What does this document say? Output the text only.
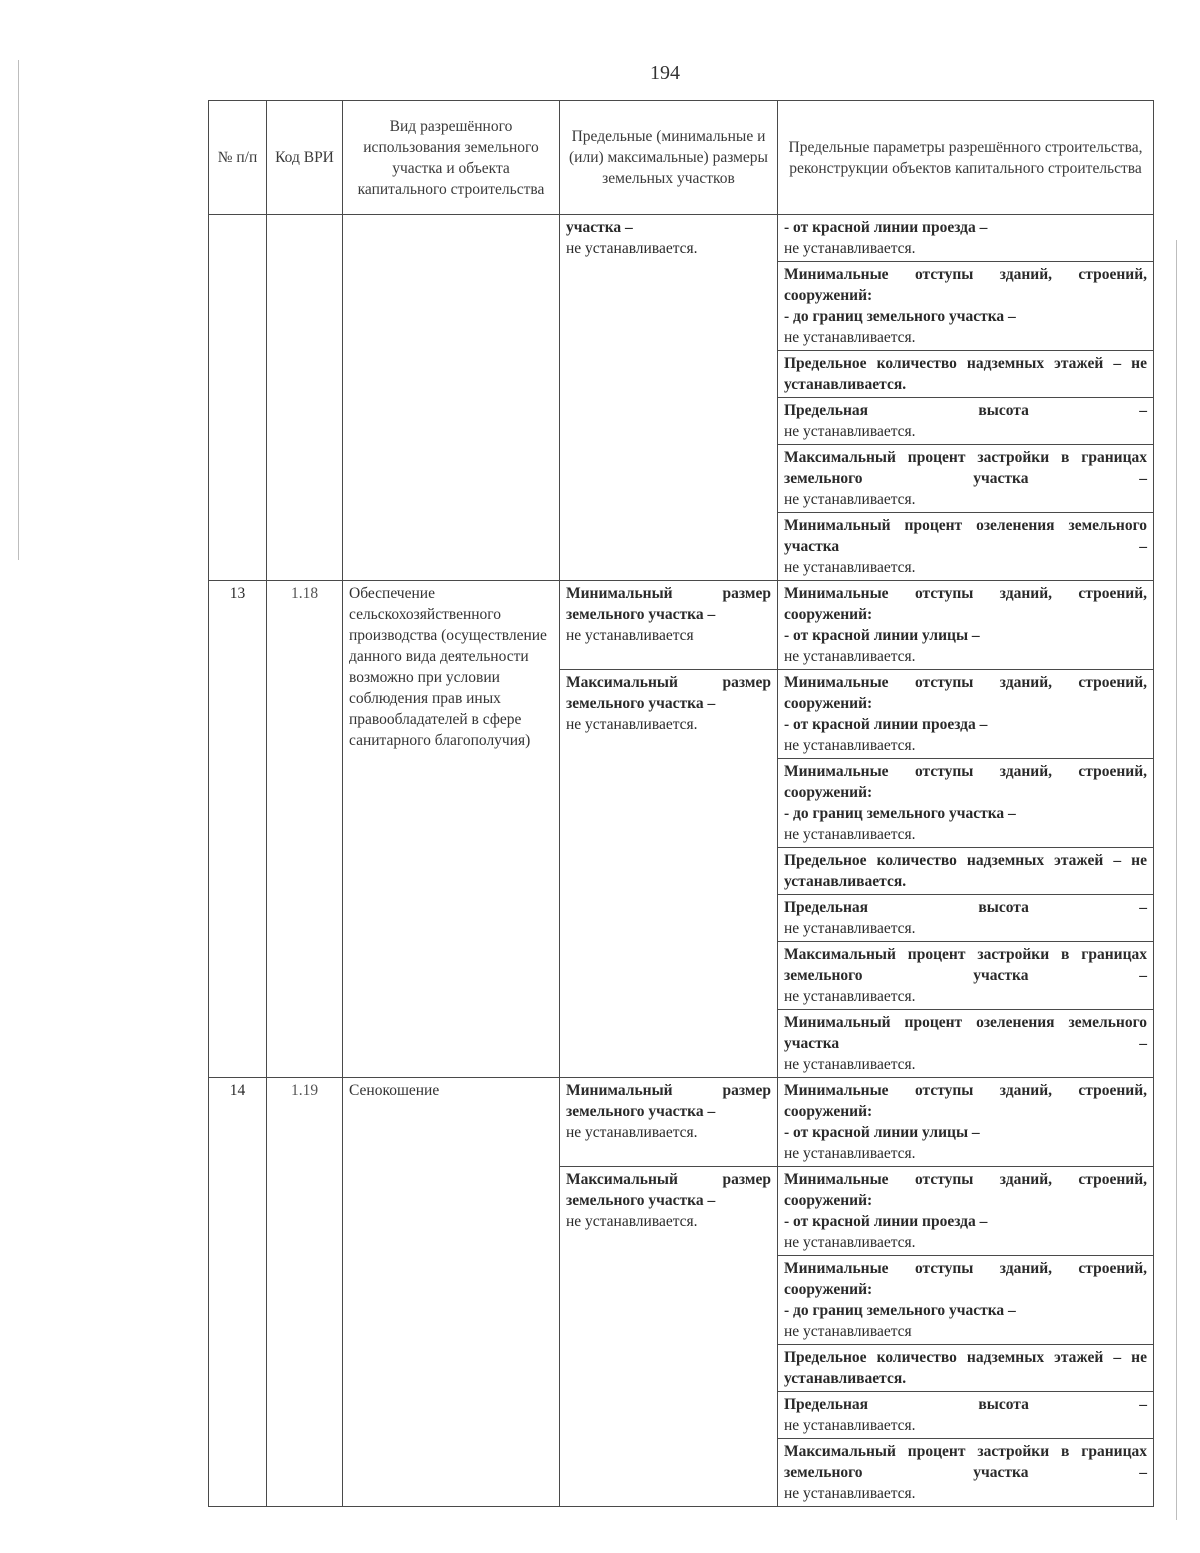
194
№ п/п	Код ВРИ	Вид разрешённого использования земельного участка и объекта капитального строительства	Предельные (минимальные и (или) максимальные) размеры земельных участков	Предельные параметры разрешённого строительства, реконструкции объектов капитального строительства
			участка –
не устанавливается.	- от красной линии проезда –
не устанавливается.

				Минимальные отступы зданий, строений, сооружений:
- до границ земельного участка –
не устанавливается.

				Предельное количество надземных этажей – не устанавливается.

				Предельная высота –
не устанавливается.

				Максимальный процент застройки в границах земельного участка –
не устанавливается.

				Минимальный процент озеленения земельного участка –
не устанавливается.

13	1.18	Обеспечение сельскохозяйственного производства (осуществление данного вида деятельности возможно при условии соблюдения прав иных правообладателей в сфере санитарного благополучия)	Минимальный размер земельного участка –
не устанавливается	Минимальные отступы зданий, строений, сооружений:
- от красной линии улицы –
не устанавливается.

			Максимальный размер земельного участка –
не устанавливается.	Минимальные отступы зданий, строений, сооружений:
- от красной линии проезда –
не устанавливается.

				Минимальные отступы зданий, строений, сооружений:
- до границ земельного участка –
не устанавливается.

				Предельное количество надземных этажей – не устанавливается.

				Предельная высота –
не устанавливается.

				Максимальный процент застройки в границах земельного участка –
не устанавливается.

				Минимальный процент озеленения земельного участка –
не устанавливается.

14	1.19	Сенокошение	Минимальный размер земельного участка –
не устанавливается.	Минимальные отступы зданий, строений, сооружений:
- от красной линии улицы –
не устанавливается.

			Максимальный размер земельного участка –
не устанавливается.	Минимальные отступы зданий, строений, сооружений:
- от красной линии проезда –
не устанавливается.

				Минимальные отступы зданий, строений, сооружений:
- до границ земельного участка –
не устанавливается

				Предельное количество надземных этажей – не устанавливается.

				Предельная высота –
не устанавливается.

				Максимальный процент застройки в границах земельного участка –
не устанавливается.
